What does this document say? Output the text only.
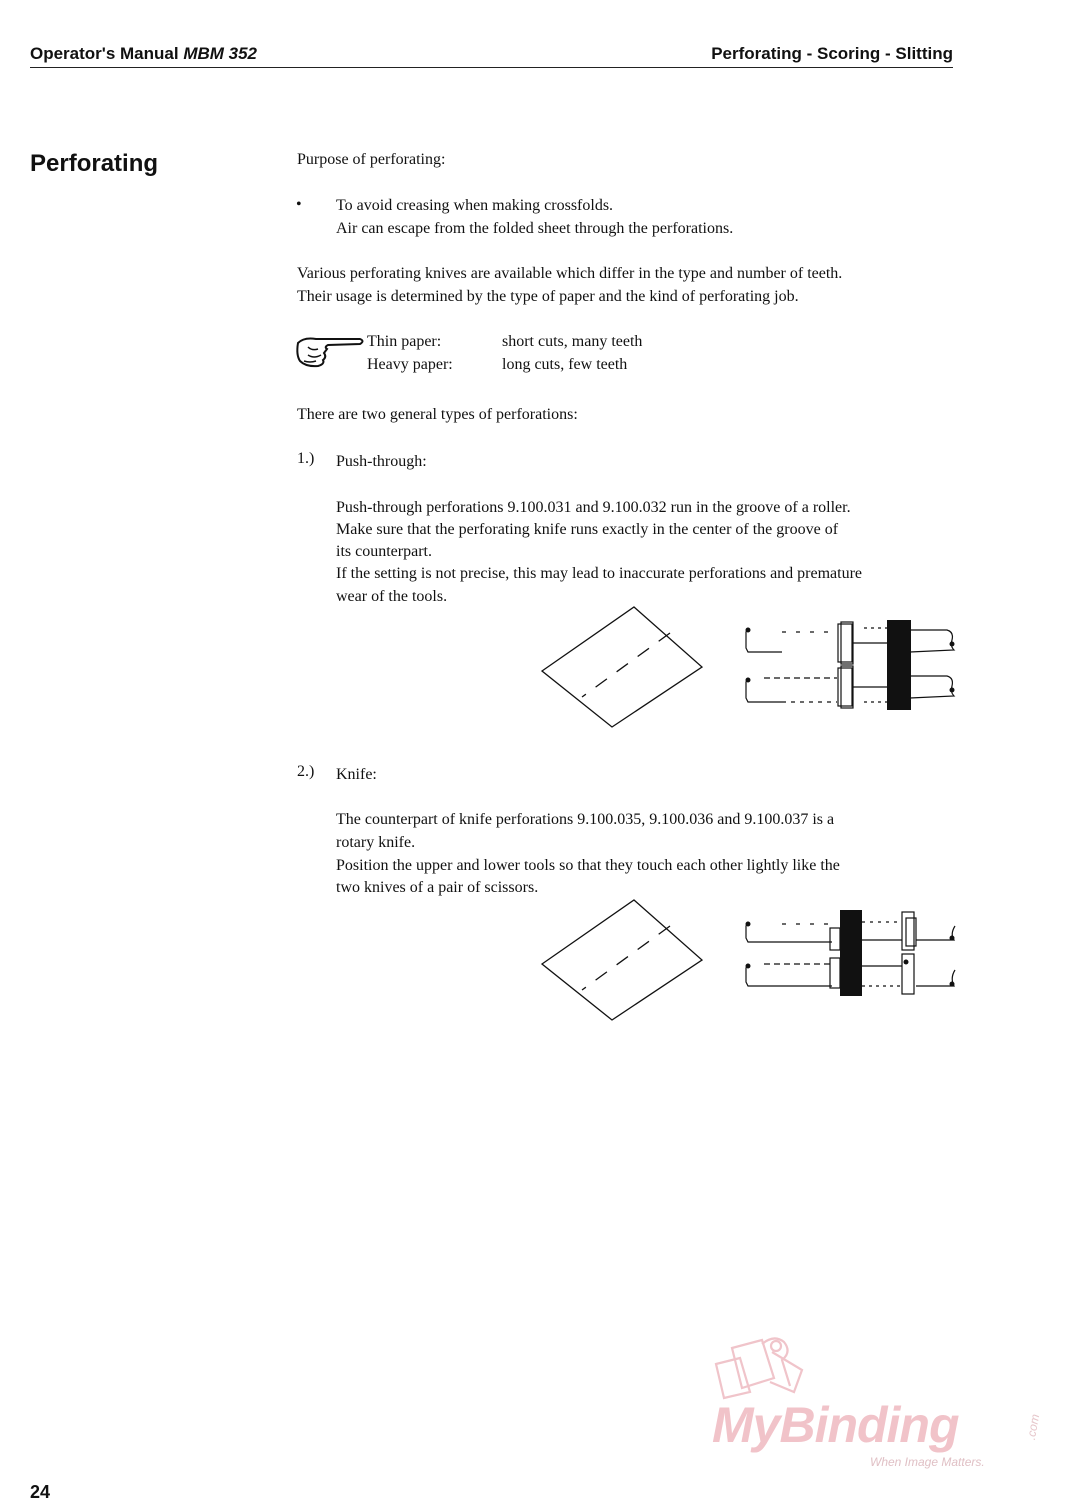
Operator's Manual MBM 352	Perforating - Scoring - Slitting
Perforating	Purpose of perforating:
• To avoid creasing when making crossfolds.
Air can escape from the folded sheet through the perforations.
Various perforating knives are available which differ in the type and number of teeth.
Their usage is determined by the type of paper and the kind of perforating job.
Thin paper:	short cuts, many teeth
Heavy paper:	long cuts, few teeth
There are two general types of perforations:
1.) Push-through:
Push-through perforations 9.100.031 and 9.100.032 run in the groove of a roller.
Make sure that the perforating knife runs exactly in the center of the groove of
its counterpart.
If the setting is not precise, this may lead to inaccurate perforations and premature
wear of the tools.
2.) Knife:
The counterpart of knife perforations 9.100.035, 9.100.036 and 9.100.037 is a
rotary knife.
Position the upper and lower tools so that they touch each other lightly like the
two knives of a pair of scissors.
MyBinding	.com
When Image Matters.
24
